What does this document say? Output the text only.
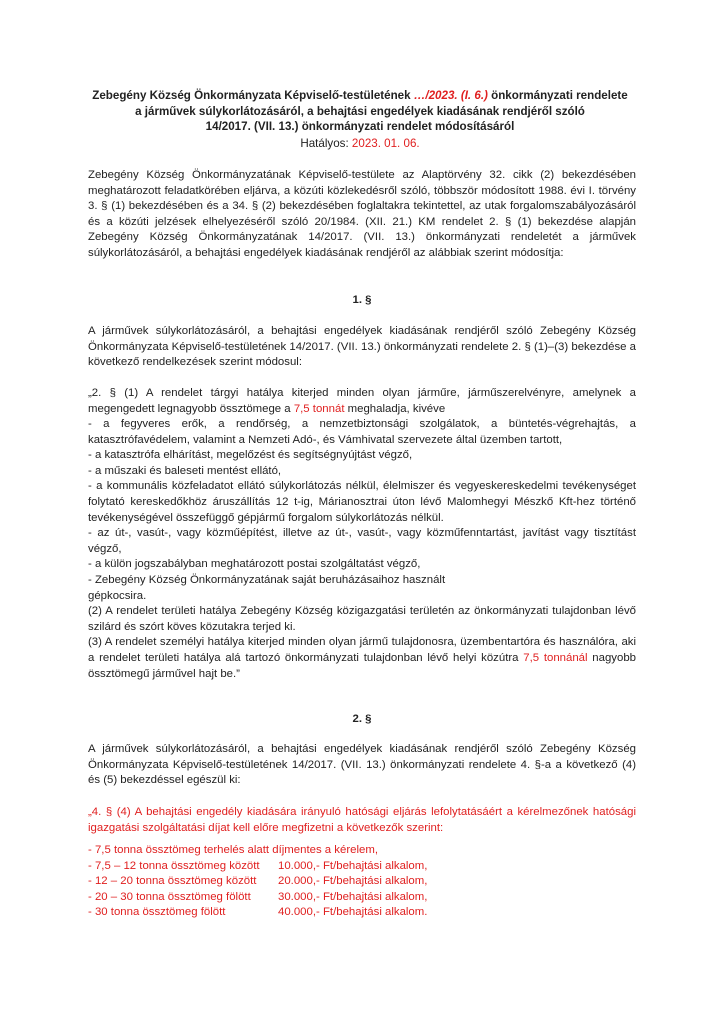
Zebegény Község Önkormányzata Képviselő-testületének …/2023. (I. 6.) önkormányzati rendelete
a járművek súlykorlátozásáról, a behajtási engedélyek kiadásának rendjéről szóló
14/2017. (VII. 13.) önkormányzati rendelet módosításáról
Hatályos: 2023. 01. 06.
Zebegény Község Önkormányzatának Képviselő-testülete az Alaptörvény 32. cikk (2) bekezdésében meghatározott feladatkörében eljárva, a közúti közlekedésről szóló, többször módosított 1988. évi I. törvény 3. § (1) bekezdésében és a 34. § (2) bekezdésében foglaltakra tekintettel, az utak forgalomszabályozásáról és a közúti jelzések elhelyezéséről szóló 20/1984. (XII. 21.) KM rendelet 2. § (1) bekezdése alapján Zebegény Község Önkormányzatának 14/2017. (VII. 13.) önkormányzati rendeletét a járművek súlykorlátozásáról, a behajtási engedélyek kiadásának rendjéről az alábbiak szerint módosítja:
1. §
A járművek súlykorlátozásáról, a behajtási engedélyek kiadásának rendjéről szóló Zebegény Község Önkormányzata Képviselő-testületének 14/2017. (VII. 13.) önkormányzati rendelete 2. § (1)–(3) bekezdése a következő rendelkezések szerint módosul:
„2. § (1) A rendelet tárgyi hatálya kiterjed minden olyan járműre, járműszerelvényre, amelynek a megengedett legnagyobb össztömege a 7,5 tonnát meghaladja, kivéve
- a fegyveres erők, a rendőrség, a nemzetbiztonsági szolgálatok, a büntetés-végrehajtás, a katasztrófavédelem, valamint a Nemzeti Adó-, és Vámhivatal szervezete által üzemben tartott,
- a katasztrófa elhárítást, megelőzést és segítségnyújtást végző,
- a műszaki és baleseti mentést ellátó,
- a kommunális közfeladatot ellátó súlykorlátozás nélkül, élelmiszer és vegyeskereskedelmi tevékenységet folytató kereskedőkhöz áruszállítás 12 t-ig, Márianosztrai úton lévő Malomhegyi Mészkő Kft-hez történő tevékenységével összefüggő gépjármű forgalom súlykorlátozás nélkül.
- az út-, vasút-, vagy közműépítést, illetve az út-, vasút-, vagy közműfenntartást, javítást vagy tisztítást végző,
- a külön jogszabályban meghatározott postai szolgáltatást végző,
- Zebegény Község Önkormányzatának saját beruházásaihoz használt
gépkocsira.
(2) A rendelet területi hatálya Zebegény Község közigazgatási területén az önkormányzati tulajdonban lévő szilárd és szórt köves közutakra terjed ki.
(3) A rendelet személyi hatálya kiterjed minden olyan jármű tulajdonosra, üzembentartóra és használóra, aki a rendelet területi hatálya alá tartozó önkormányzati tulajdonban lévő helyi közútra 7,5 tonnánál nagyobb össztömegű járművel hajt be.”
2. §
A járművek súlykorlátozásáról, a behajtási engedélyek kiadásának rendjéről szóló Zebegény Község Önkormányzata Képviselő-testületének 14/2017. (VII. 13.) önkormányzati rendelete 4. §-a a következő (4) és (5) bekezdéssel egészül ki:
„4. § (4) A behajtási engedély kiadására irányuló hatósági eljárás lefolytatásáért a kérelmezőnek hatósági igazgatási szolgáltatási díjat kell előre megfizetni a következők szerint:
- 7,5 tonna össztömeg terhelés alatt díjmentes a kérelem,
- 7,5 – 12 tonna össztömeg között	10.000,- Ft/behajtási alkalom,
- 12 – 20 tonna össztömeg között	20.000,- Ft/behajtási alkalom,
- 20 – 30 tonna össztömeg fölött	30.000,- Ft/behajtási alkalom,
- 30 tonna össztömeg fölött	40.000,- Ft/behajtási alkalom.
